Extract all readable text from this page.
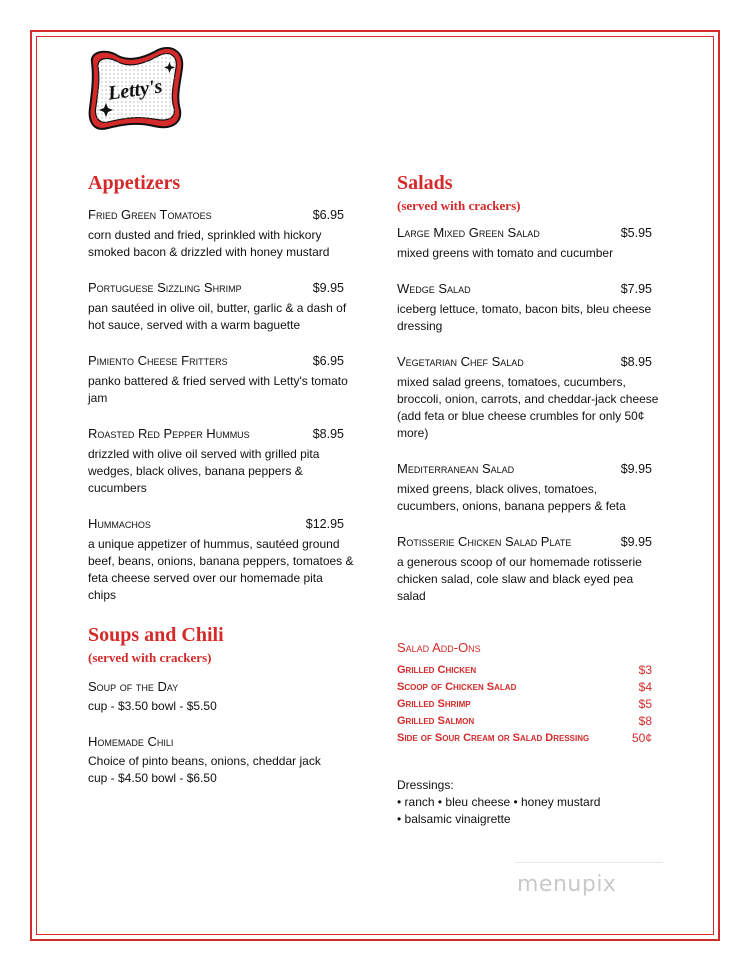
Letty's
Appetizers
Fried Green Tomatoes	$6.95
corn dusted and fried, sprinkled with hickory smoked bacon & drizzled with honey mustard
Portuguese Sizzling Shrimp	$9.95
pan sautéed in olive oil, butter, garlic & a dash of hot sauce, served with a warm baguette
Pimiento Cheese Fritters	$6.95
panko battered & fried served with Letty's tomato jam
Roasted Red Pepper Hummus	$8.95
drizzled with olive oil served with grilled pita wedges, black olives, banana peppers & cucumbers
Hummachos	$12.95
a unique appetizer of hummus, sautéed ground beef, beans, onions, banana peppers, tomatoes & feta cheese served over our homemade pita chips
Soups and Chili
(served with crackers)
Soup of the Day
cup - $3.50 bowl - $5.50
Homemade Chili
Choice of pinto beans, onions, cheddar jack
cup - $4.50 bowl - $6.50
Salads
(served with crackers)
Large Mixed Green Salad	$5.95
mixed greens with tomato and cucumber
Wedge Salad	$7.95
iceberg lettuce, tomato, bacon bits, bleu cheese dressing
Vegetarian Chef Salad	$8.95
mixed salad greens, tomatoes, cucumbers, broccoli, onion, carrots, and cheddar-jack cheese (add feta or blue cheese crumbles for only 50¢ more)
Mediterranean Salad	$9.95
mixed greens, black olives, tomatoes, cucumbers, onions, banana peppers & feta
Rotisserie Chicken Salad Plate	$9.95
a generous scoop of our homemade rotisserie chicken salad, cole slaw and black eyed pea salad
Salad Add-Ons
Grilled Chicken	$3
Scoop of Chicken Salad	$4
Grilled Shrimp	$5
Grilled Salmon	$8
Side of Sour Cream or Salad Dressing	50¢
Dressings:
• ranch • bleu cheese • honey mustard
• balsamic vinaigrette
menupix
